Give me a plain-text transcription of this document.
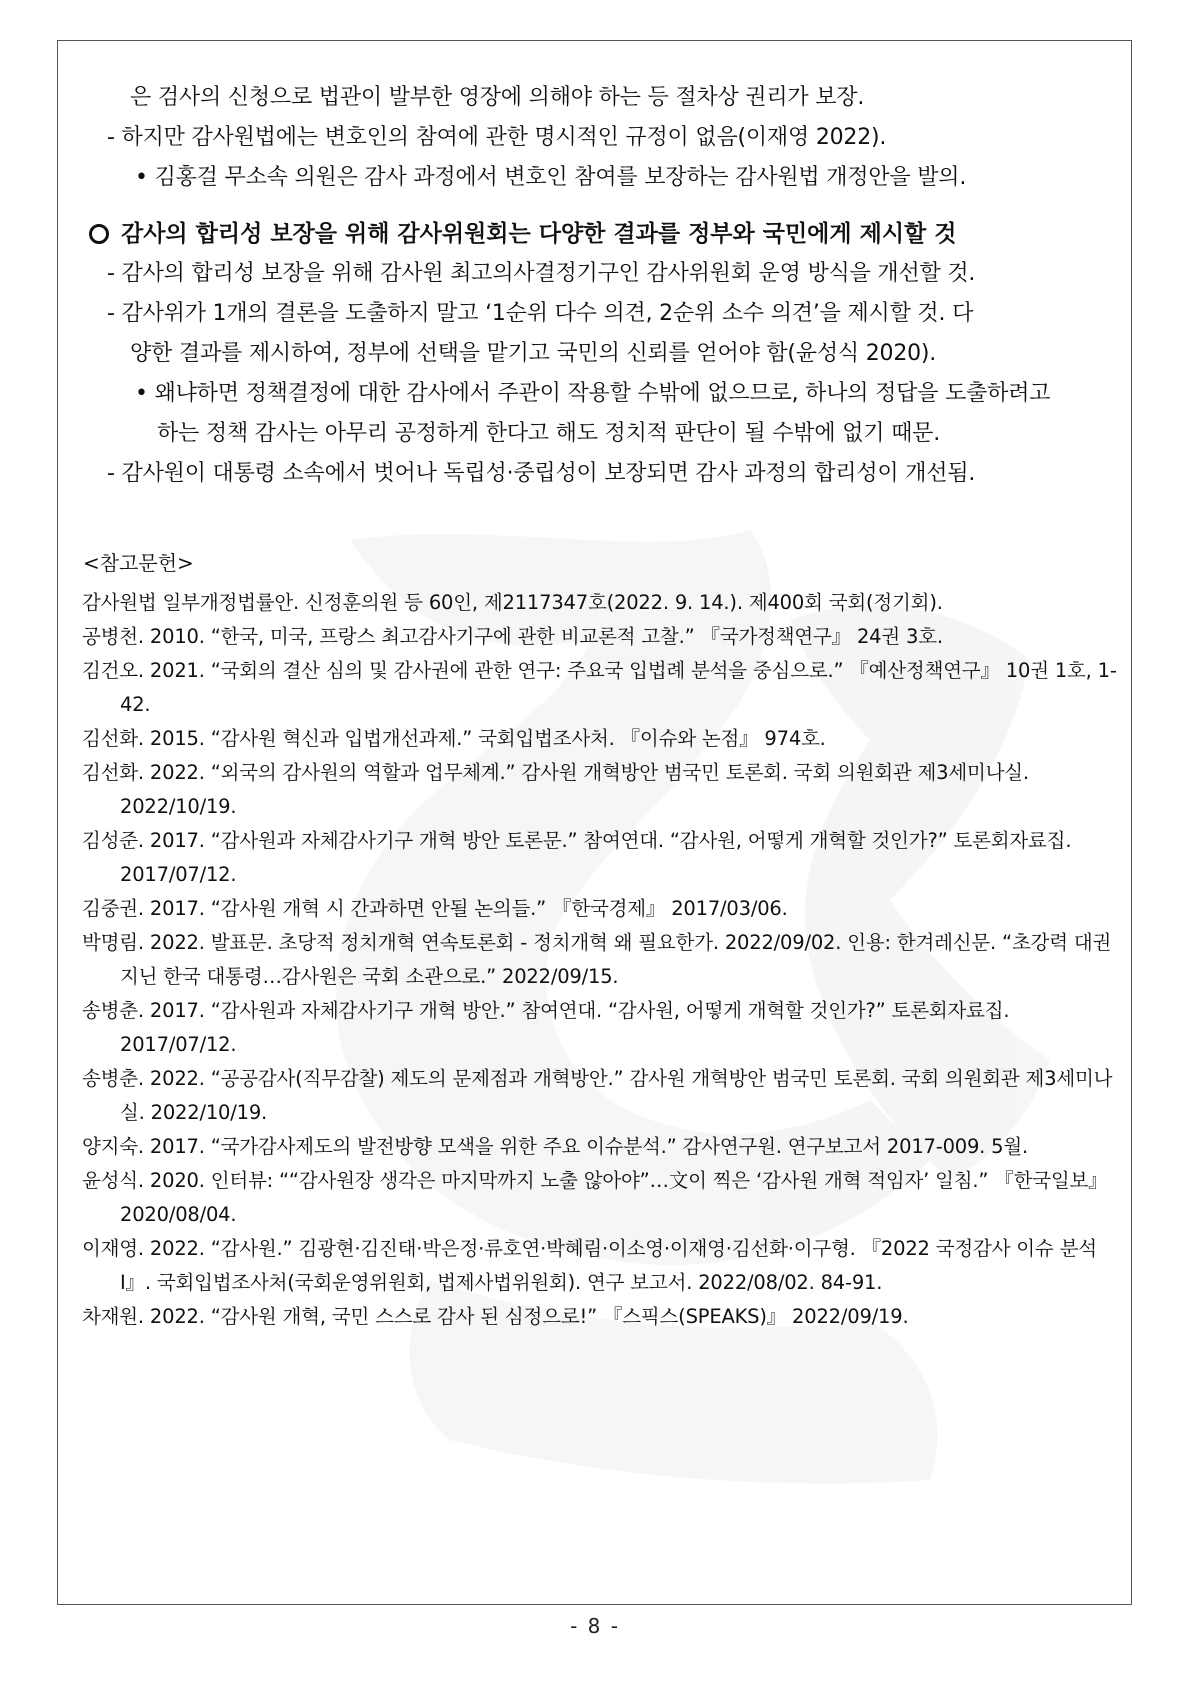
은 검사의 신청으로 법관이 발부한 영장에 의해야 하는 등 절차상 권리가 보장.
- 하지만 감사원법에는 변호인의 참여에 관한 명시적인 규정이 없음(이재영 2022).
• 김홍걸 무소속 의원은 감사 과정에서 변호인 참여를 보장하는 감사원법 개정안을 발의.
감사의 합리성 보장을 위해 감사위원회는 다양한 결과를 정부와 국민에게 제시할 것
- 감사의 합리성 보장을 위해 감사원 최고의사결정기구인 감사위원회 운영 방식을 개선할 것.
- 감사위가 1개의 결론을 도출하지 말고 ‘1순위 다수 의견, 2순위 소수 의견’을 제시할 것. 다
양한 결과를 제시하여, 정부에 선택을 맡기고 국민의 신뢰를 얻어야 함(윤성식 2020).
• 왜냐하면 정책결정에 대한 감사에서 주관이 작용할 수밖에 없으므로, 하나의 정답을 도출하려고
하는 정책 감사는 아무리 공정하게 한다고 해도 정치적 판단이 될 수밖에 없기 때문.
- 감사원이 대통령 소속에서 벗어나 독립성·중립성이 보장되면 감사 과정의 합리성이 개선됨.
<참고문헌>
감사원법 일부개정법률안. 신정훈의원 등 60인, 제2117347호(2022. 9. 14.). 제400회 국회(정기회).
공병천. 2010. “한국, 미국, 프랑스 최고감사기구에 관한 비교론적 고찰.” 『국가정책연구』 24권 3호.
김건오. 2021. “국회의 결산 심의 및 감사권에 관한 연구: 주요국 입법례 분석을 중심으로.” 『예산정책연구』 10권 1호, 1-42.
김선화. 2015. “감사원 혁신과 입법개선과제.” 국회입법조사처. 『이슈와 논점』 974호.
김선화. 2022. “외국의 감사원의 역할과 업무체계.” 감사원 개혁방안 범국민 토론회. 국회 의원회관 제3세미나실. 2022/10/19.
김성준. 2017. “감사원과 자체감사기구 개혁 방안 토론문.” 참여연대. “감사원, 어떻게 개혁할 것인가?” 토론회자료집. 2017/07/12.
김중권. 2017. “감사원 개혁 시 간과하면 안될 논의들.” 『한국경제』 2017/03/06.
박명림. 2022. 발표문. 초당적 정치개혁 연속토론회 - 정치개혁 왜 필요한가. 2022/09/02. 인용: 한겨레신문. “초강력 대권 지닌 한국 대통령…감사원은 국회 소관으로.” 2022/09/15.
송병춘. 2017. “감사원과 자체감사기구 개혁 방안.” 참여연대. “감사원, 어떻게 개혁할 것인가?” 토론회자료집. 2017/07/12.
송병춘. 2022. “공공감사(직무감찰) 제도의 문제점과 개혁방안.” 감사원 개혁방안 범국민 토론회. 국회 의원회관 제3세미나실. 2022/10/19.
양지숙. 2017. “국가감사제도의 발전방향 모색을 위한 주요 이슈분석.” 감사연구원. 연구보고서 2017-009. 5월.
윤성식. 2020. 인터뷰: ““감사원장 생각은 마지막까지 노출 않아야”…文이 찍은 ‘감사원 개혁 적임자’ 일침.” 『한국일보』 2020/08/04.
이재영. 2022. “감사원.” 김광현·김진태·박은정·류호연·박혜림·이소영·이재영·김선화·이구형. 『2022 국정감사 이슈 분석 Ⅰ』. 국회입법조사처(국회운영위원회, 법제사법위원회). 연구 보고서. 2022/08/02. 84-91.
차재원. 2022. “감사원 개혁, 국민 스스로 감사 된 심정으로!” 『스픽스(SPEAKS)』 2022/09/19.
- 8 -
